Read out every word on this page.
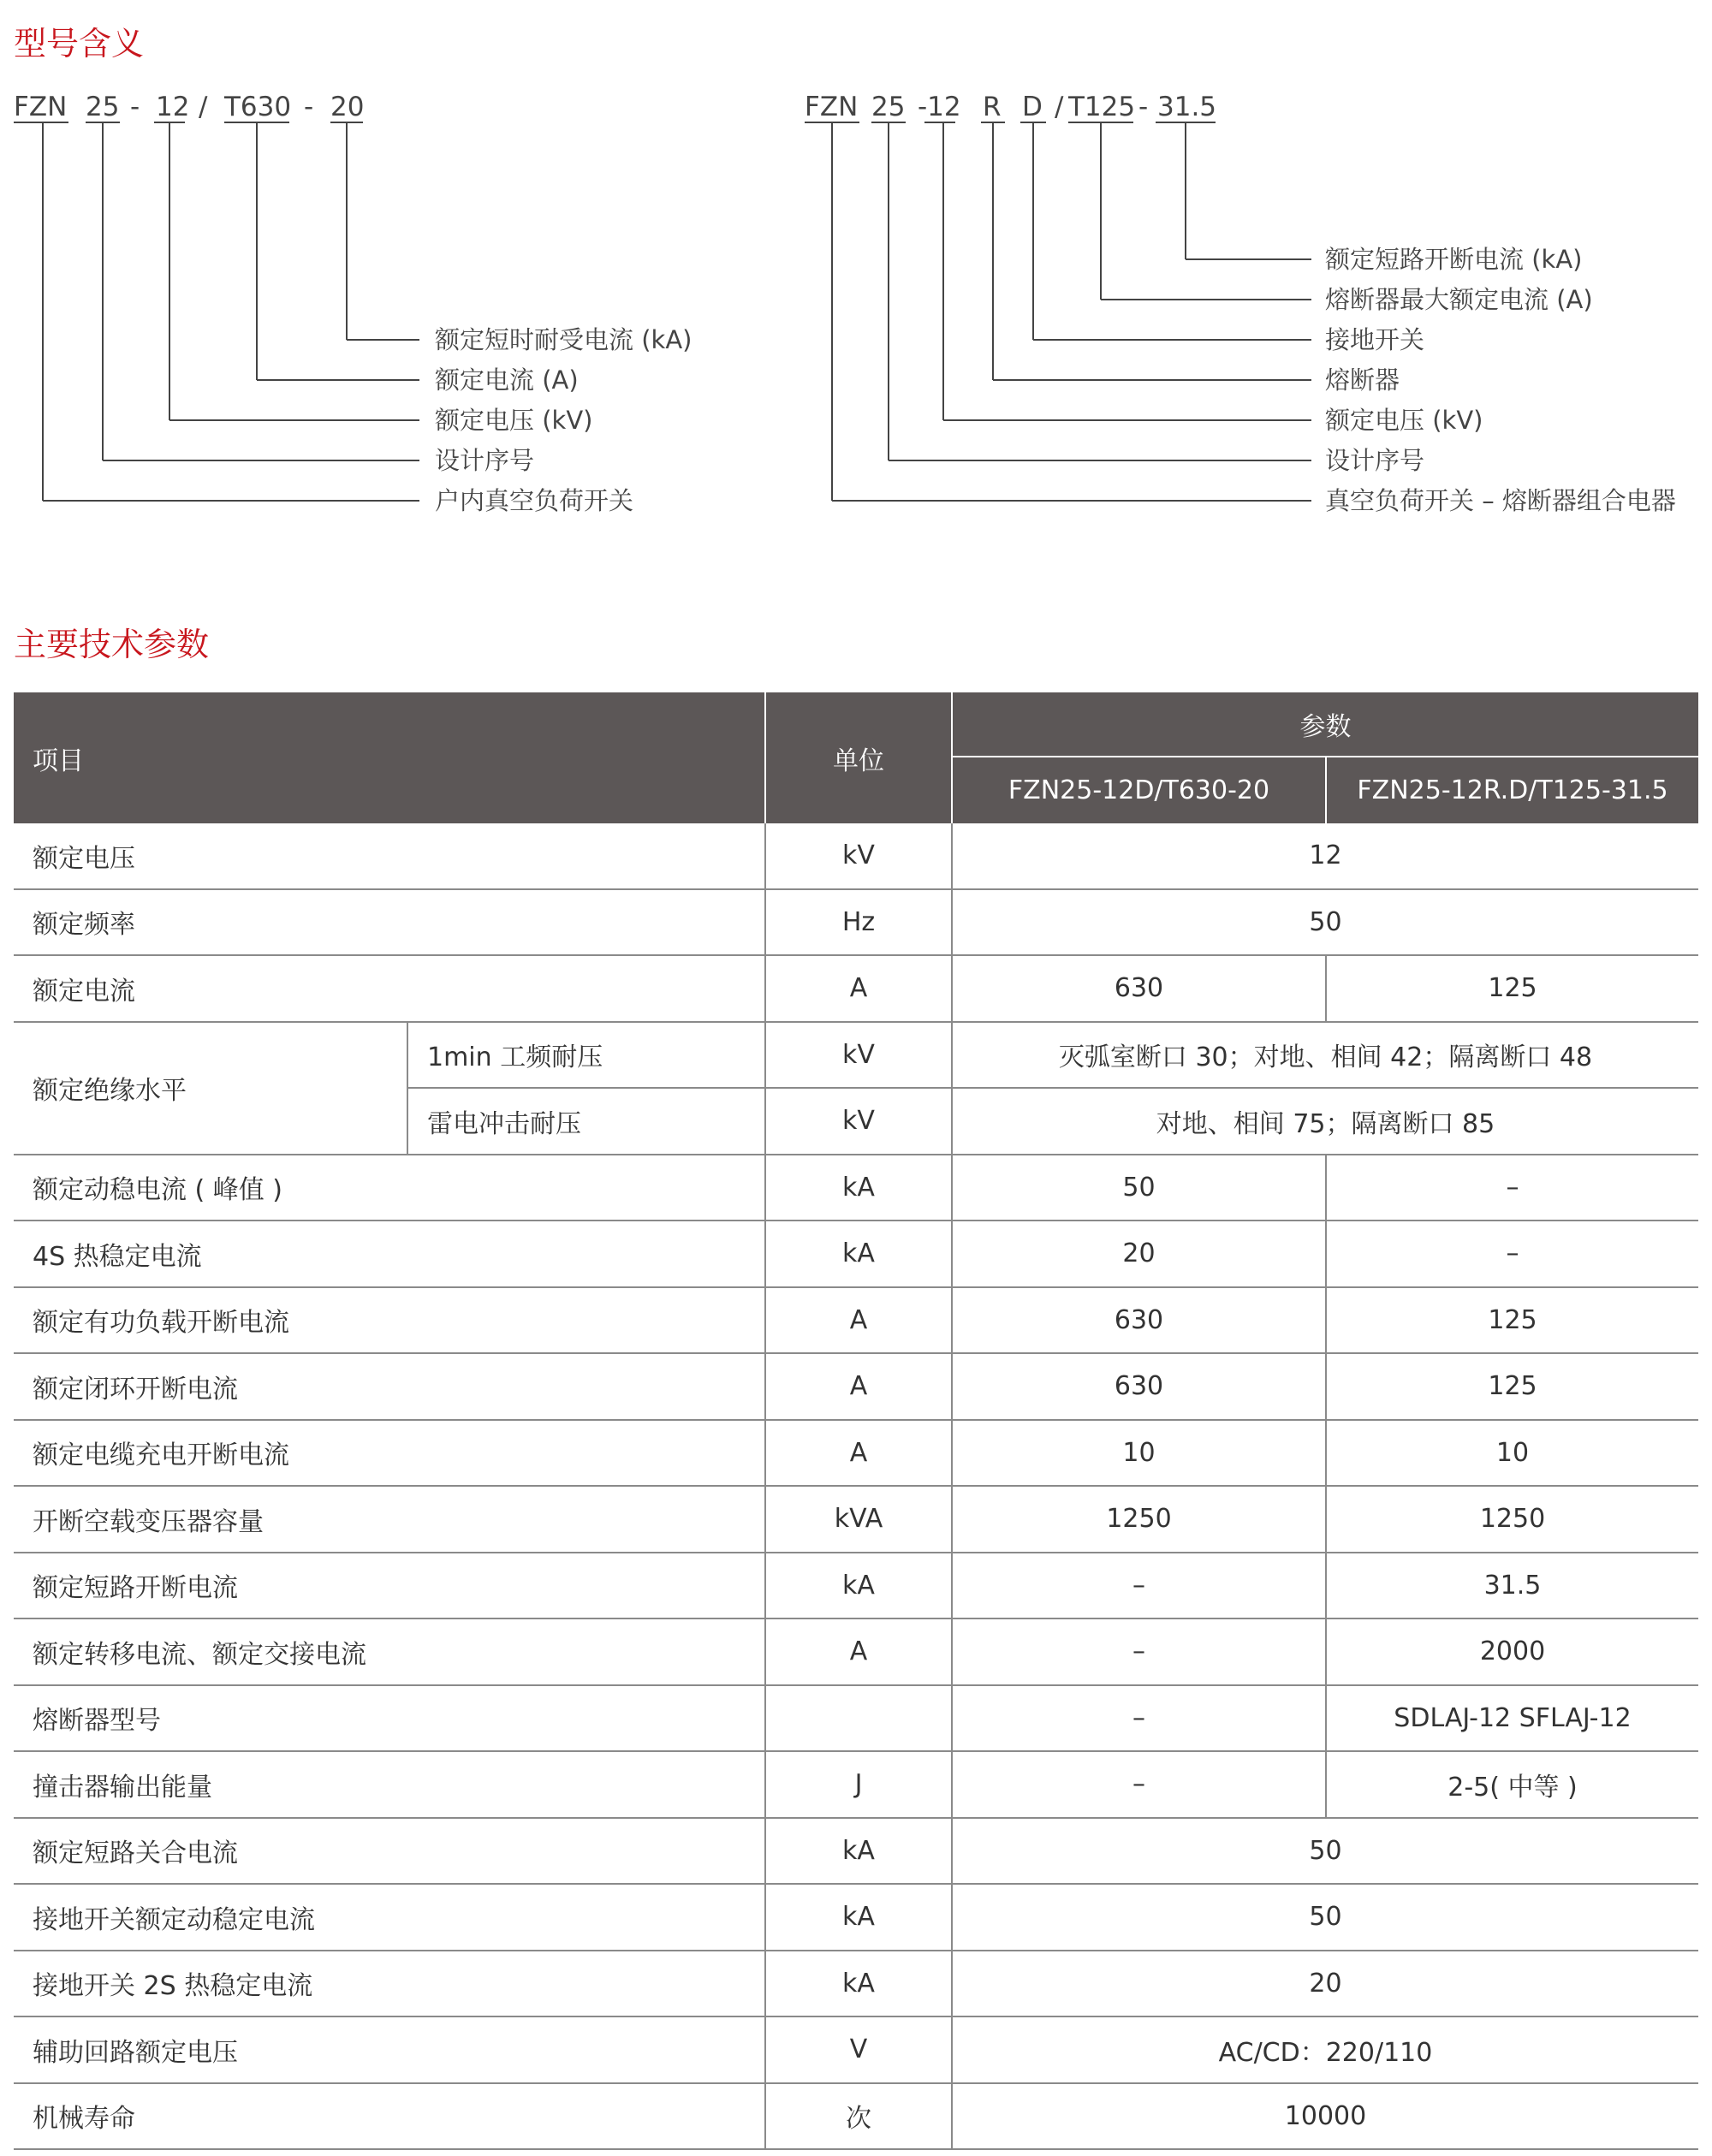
型号含义
FZN 25 - 12 / T630 - 20	FZN 25 -12 R D / T125 - 31.5
额定短时耐受电流 (kA)
额定电流 (A)
额定电压 (kV)
设计序号
户内真空负荷开关
额定短路开断电流 (kA)
熔断器最大额定电流 (A)
接地开关
熔断器
额定电压 (kV)
设计序号
真空负荷开关 – 熔断器组合电器
主要技术参数
项目		单位	参数	
			FZN25-12D/T630-20	FZN25-12R.D/T125-31.5
额定电压		kV	12	
额定频率		Hz	50	
额定电流		A	630	125
额定绝缘水平	1min 工频耐压	kV	灭弧室断口 30；对地、相间 42；隔离断口 48	
	雷电冲击耐压	kV	对地、相间 75；隔离断口 85	
额定动稳电流 ( 峰值 )		kA	50	–
4S 热稳定电流		kA	20	–
额定有功负载开断电流		A	630	125
额定闭环开断电流		A	630	125
额定电缆充电开断电流		A	10	10
开断空载变压器容量		kVA	1250	1250
额定短路开断电流		kA	–	31.5
额定转移电流、额定交接电流		A	–	2000
熔断器型号			–	SDLAJ-12 SFLAJ-12
撞击器输出能量		J	–	2-5( 中等 )
额定短路关合电流		kA	50	
接地开关额定动稳定电流		kA	50	
接地开关 2S 热稳定电流		kA	20	
辅助回路额定电压		V	AC/CD：220/110	
机械寿命		次	10000	
